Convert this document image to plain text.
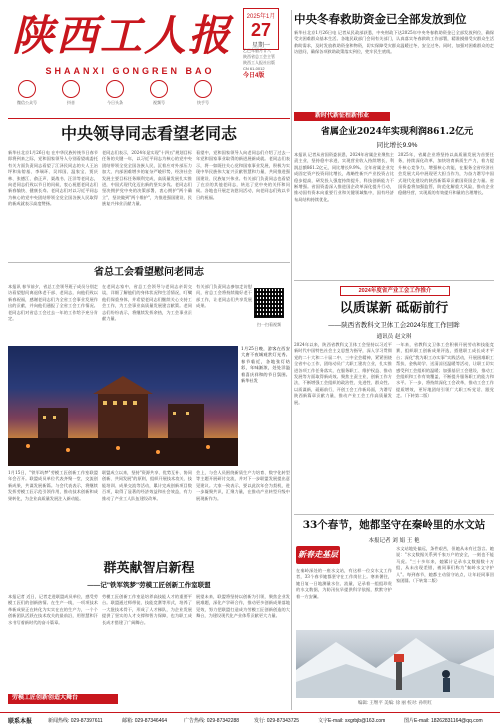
陕西工人报
SHAANXI GONGREN BAO
2025年1月
27
星期一
乙巳年腊月廿八
陕西省总工会主管
陕西工人报社出版
CN 61-0012
今日4版
微信公众号	抖音	今日头条	视频号	快手号
中央冬春救助资金已全部发放到位
新华社北京1月26日电 记者从民政部获悉，中央财政下达2025年中央冬春救助资金已全部发放到位，确保受灾困难群众基本生活。各地民政部门会同有关部门，认真落实冬春救助工作部署，精准摸排受灾群众生活救助需求，及时发放救助资金和物资，切实保障受灾群众温暖过冬，安全过冬。同时，加强对困难群众的走访慰问，确保各项救助政策落实到位，兜牢民生底线。
新时代新征程新伟业
省属企业2024年实现利润861.2亿元
同比增长9.9%
本报讯 记者从省国资委获悉，2024年省属企业聚焦主责主业，坚持稳中求进，实现营业收入持续增长，利润总额861.2亿元，同比增长9.9%。全年省属企业完成固定资产投资同比增长，战略性新兴产业投资占比稳步提高，研发投入强度持续提升，科技创新能力不断增强。省国资委深入推进国企改革深化提升行动，推动国有资本向重要行业和关键领域集中，国有经济布局结构持续优化。
2025年，省属企业将坚持以高质量发展为首要任务，持续深化改革，加快培育新质生产力，着力提升核心竞争力，增强核心功能，在服务全省经济社会发展大局中展现更大担当作为，为奋力谱写中国式现代化建设的陕西新篇章贡献国资国企力量。省国资委将加强监管，防范化解重大风险，推动企业稳健经营，实现质的有效提升和量的合理增长。
中央领导同志看望老同志
新华社北京1月26日电 在中华民族传统节日春节即将到来之际，党和国家领导人分别看望或委托有关方面负责同志看望了江泽民同志的夫人王冶坪和朱镕基、李瑞环、吴邦国、温家宝、贾庆林、张德江、俞正声、栗战书、汪洋等老同志，向老同志们致以节日的问候，衷心祝愿老同志们新春愉快、健康长寿。老同志们对以习近平同志为核心的党中央团结带领全党全国各族人民取得的新成就表示高度赞扬。
老同志们表示，2024年是实现"十四五"规划目标任务的关键一年，以习近平同志为核心的党中央团结带领全党全国各族人民，沉着应对外部压力加大、内部困难增多的复杂严峻形势，经济社会发展主要目标任务顺利完成，高质量发展扎实推进，中国式现代化迈出新的坚实步伐。老同志们坚决拥护党中央的决策部署，衷心拥护"两个确立"，坚决做到"两个维护"，为推进强国建设、民族复兴伟业贡献力量。
看望中，党和国家领导人向老同志们介绍了过去一年党和国家事业取得的新进展新成就。老同志们表示，将一如既往关心党和国家事业发展，积极为实现中华民族伟大复兴贡献智慧和力量，共同推进强国建设、民族复兴伟业。有关部门负责同志也看望了在京的其他老同志，转达了党中央的关怀和问候。各地也开展走访慰问活动，向老同志们致以节日的祝福。
省总工会看望慰问老同志
本报讯 春节前夕，省总工会领导班子成员分别走访看望慰问离退休老干部、老同志，向他们致以新春祝福，感谢老同志们为全省工会事业发展作出的贡献，并向他们通报了全省工会工作情况。老同志们对省总工会过去一年的工作给予充分肯定。
在老同志家中，省总工会领导与老同志亲切交谈，详细了解他们的身体状况和生活情况，叮嘱他们保重身体，并希望老同志们继续关心支持工会工作，为工会事业高质量发展建言献策。老同志们纷纷表示，将继续发挥余热，为工会事业贡献力量。
有关部门负责同志参加走访慰问，省总工会将持续做好老干部工作，让老同志们共享发展成果。
扫一扫看视频
1月25日晚，游客在西安大唐不夜城观赏灯光秀。春节临近，各地张灯结彩，年味渐浓，处处洋溢着喜庆祥和的节日氛围。新华社发
1月15日，"铁军筑梦"劳模工匠创新工作室联盟年会召开。联盟成员单位代表齐聚一堂，交流创新成果，共谋发展新篇。与会代表表示，将继续发挥劳模工匠示范引领作用，推动技术创新和成果转化，为企业高质量发展注入新动能。
联盟成立以来，坚持"资源共享、优势互补、协同创新、共同发展"的原则，组织开展技术攻关、技能培训、成果交流等活动，累计完成创新项目数百项，取得了显著的经济效益和社会效益，有力推动了产业工人队伍建设改革。
会上，与会人员围绕新质生产力培育、数字化转型等主题开展研讨交流，并对下一步联盟发展提出意见建议。大家一致表示，要以此次年会为契机，进一步凝聚共识，汇聚力量，在推动产业转型升级中展现新作为。
群英献智启新程
——记"铁军筑梦"劳模工匠创新工作室联盟
本报记者 近日，记者走进联盟成员单位，感受劳模工匠们的创新热情。在生产一线，一项项技术革新成果正在转化为实实在在的生产力，一个个创新团队活跃在技术攻关的最前沿，用智慧和汗水书写着新时代的奋斗篇章。
劳模工匠创新工作室是培养高技能人才的重要平台。联盟通过师带徒、技能竞赛等形式，培养了一大批技术骨干，形成了人才梯队，为企业发展提供了坚实的人才支撑和智力保障，也为职工成长成才搭建了广阔舞台。
展望未来，联盟将坚持以创新为引领，聚焦企业发展难题，深化产学研合作，推动更多创新成果落地见效，努力把联盟打造成为劳模工匠创新创造的大舞台，为建设现代化产业体系贡献更大力量。
劳模工匠创新创造大舞台
2024年度省产业工会工作推介
以质谋新 砥砺前行
——陕西省教科文卫体工会2024年度工作回眸
通讯员 赵文琪
2024年以来，陕西省教科文卫体工会坚持以习近平新时代中国特色社会主义思想为指导，深入学习贯彻党的二十大和二十届二中、三中全会精神，紧紧围绕全省中心工作，团结动员广大职工建功立业，扎实推进各项工作任务落实，在服务职工、维护权益、推动发展等方面取得新成效。聚焦主责主业，创新工作方法，不断增强工会组织的政治性、先进性、群众性。以质谋新，砥砺前行，开创工会工作新局面，为谱写陕西新篇章贡献力量，推动产业工会工作高质量发展。
一年来，省教科文卫体工会积极开展劳动和技能竞赛，组织职工创新成果评选，搭建职工成长成才平台；深化"我为职工办实事"实践活动，开展困难职工帮扶、金秋助学、送清凉送温暖等活动，让职工切实感受到工会组织的温暖；加强基层工会建设，推动工会组织和工作有效覆盖，不断提升服务职工的能力和水平。下一步，将持续深化工会改革，推动工会工作提质增效，更好地团结引领广大职工听党话、跟党走。（下转第二版）
33个春节，她都坚守在秦岭里的水文站
本报记者 刘 娟 王 艳
新春走基层
在秦岭深处的一座水文站，有这样一位女水文工作者，33个春节她都坚守在工作岗位上。寒来暑往，她日复一日地测量水位、流量，记录着一组组珍贵的水文数据，为防汛抗旱提供科学依据，默默守护着一方安澜。
水文站地处偏远，条件艰苦，但她从未有过怨言。她说："水文数据关系到千家万户的安全，一刻也不能马虎。"三十多年来，她累计记录水文数据数十万组，从未出现差错，被同事们称为"秦岭水文守护人"。每到春节，她都主动留守站点，让年轻同事回家团圆。（下转第二版）
编辑: 王继平 美编: 徐 丽 校对: 孙明红
联系本报	新闻热线: 029-87397611	邮箱: 029-87346464	广告热线: 029-87342288	发行: 029-87343725	文字E-mail: sxgrbjb@163.com	图片E-mail: 18262831164@qq.com
